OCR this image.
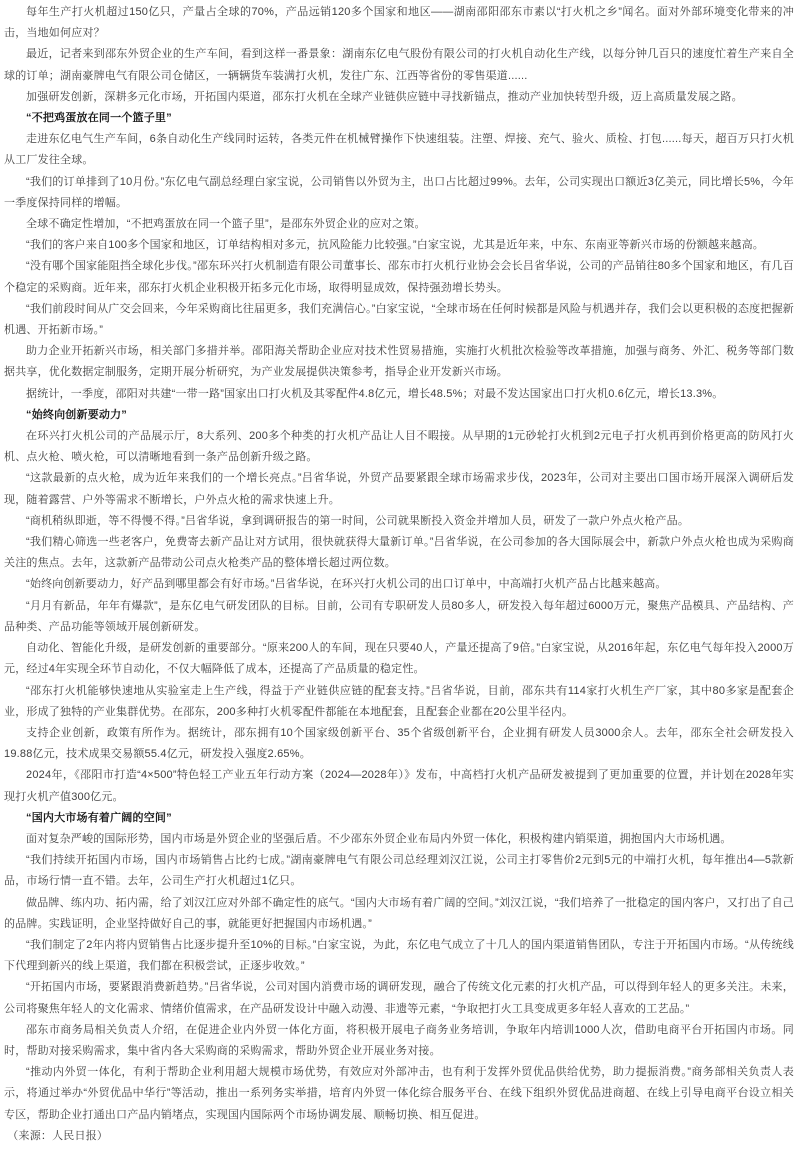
每年生产打火机超过150亿只，产量占全球的70%，产品远销120多个国家和地区——湖南邵阳邵东市素以“打火机之乡”闻名。面对外部环境变化带来的冲击，当地如何应对？

最近，记者来到邵东外贸企业的生产车间，看到这样一番景象：湖南东亿电气股份有限公司的打火机自动化生产线，以每分钟几百只的速度忙着生产来自全球的订单；湖南豪牌电气有限公司仓储区，一辆辆货车装满打火机，发往广东、江西等省份的零售渠道......

加强研发创新，深耕多元化市场，开拓国内渠道，邵东打火机在全球产业链供应链中寻找新锚点，推动产业加快转型升级，迈上高质量发展之路。

“不把鸡蛋放在同一个篮子里”

走进东亿电气生产车间，6条自动化生产线同时运转，各类元件在机械臂操作下快速组装。注塑、焊接、充气、验火、质检、打包......每天，超百万只打火机从工厂发往全球。

“我们的订单排到了10月份。”东亿电气副总经理白家宝说，公司销售以外贸为主，出口占比超过99%。去年，公司实现出口额近3亿美元，同比增长5%，今年一季度保持同样的增幅。

全球不确定性增加，“不把鸡蛋放在同一个篮子里”，是邵东外贸企业的应对之策。

“我们的客户来自100多个国家和地区，订单结构相对多元，抗风险能力比较强。”白家宝说，尤其是近年来，中东、东南亚等新兴市场的份额越来越高。

“没有哪个国家能阻挡全球化步伐。”邵东环兴打火机制造有限公司董事长、邵东市打火机行业协会会长吕省华说，公司的产品销往80多个国家和地区，有几百个稳定的采购商。近年来，邵东打火机企业积极开拓多元化市场，取得明显成效，保持强劲增长势头。

“我们前段时间从广交会回来，今年采购商比往届更多，我们充满信心。”白家宝说，“全球市场在任何时候都是风险与机遇并存，我们会以更积极的态度把握新机遇、开拓新市场。”

助力企业开拓新兴市场，相关部门多措并举。邵阳海关帮助企业应对技术性贸易措施，实施打火机批次检验等改革措施，加强与商务、外汇、税务等部门数据共享，优化数据定制服务，定期开展分析研究，为产业发展提供决策参考，指导企业开发新兴市场。

据统计，一季度，邵阳对共建“一带一路”国家出口打火机及其零配件4.8亿元，增长48.5%；对最不发达国家出口打火机0.6亿元，增长13.3%。

“始终向创新要动力”

在环兴打火机公司的产品展示厅，8大系列、200多个种类的打火机产品让人目不暇接。从早期的1元砂轮打火机到2元电子打火机再到价格更高的防风打火机、点火枪、喷火枪，可以清晰地看到一条产品创新升级之路。

“这款最新的点火枪，成为近年来我们的一个增长亮点。”吕省华说，外贸产品要紧跟全球市场需求步伐，2023年，公司对主要出口国市场开展深入调研后发现，随着露营、户外等需求不断增长，户外点火枪的需求快速上升。

“商机稍纵即逝，等不得慢不得。”吕省华说，拿到调研报告的第一时间，公司就果断投入资金并增加人员，研发了一款户外点火枪产品。

“我们精心筛选一些老客户，免费寄去新产品让对方试用，很快就获得大量新订单。”吕省华说，在公司参加的各大国际展会中，新款户外点火枪也成为采购商关注的焦点。去年，这款新产品带动公司点火枪类产品的整体增长超过两位数。

“始终向创新要动力，好产品到哪里都会有好市场。”吕省华说，在环兴打火机公司的出口订单中，中高端打火机产品占比越来越高。

“月月有新品，年年有爆款”，是东亿电气研发团队的目标。目前，公司有专职研发人员80多人，研发投入每年超过6000万元，聚焦产品模具、产品结构、产品种类、产品功能等领域开展创新研发。

自动化、智能化升级，是研发创新的重要部分。“原来200人的车间，现在只要40人，产量还提高了9倍。”白家宝说，从2016年起，东亿电气每年投入2000万元，经过4年实现全环节自动化，不仅大幅降低了成本，还提高了产品质量的稳定性。

“邵东打火机能够快速地从实验室走上生产线，得益于产业链供应链的配套支持。”吕省华说，目前，邵东共有114家打火机生产厂家，其中80多家是配套企业，形成了独特的产业集群优势。在邵东，200多种打火机零配件都能在本地配套，且配套企业都在20公里半径内。

支持企业创新，政策有所作为。据统计，邵东拥有10个国家级创新平台、35个省级创新平台，企业拥有研发人员3000余人。去年，邵东全社会研发投入19.88亿元，技术成果交易额55.4亿元，研发投入强度2.65%。

2024年，《邵阳市打造“4×500”特色轻工产业五年行动方案（2024—2028年）》发布，中高档打火机产品研发被提到了更加重要的位置，并计划在2028年实现打火机产值300亿元。

“国内大市场有着广阔的空间”

面对复杂严峻的国际形势，国内市场是外贸企业的坚强后盾。不少邵东外贸企业布局内外贸一体化，积极构建内销渠道，拥抱国内大市场机遇。

“我们持续开拓国内市场，国内市场销售占比约七成。”湖南豪牌电气有限公司总经理刘汉江说，公司主打零售价2元到5元的中端打火机，每年推出4—5款新品，市场行情一直不错。去年，公司生产打火机超过1亿只。

做品牌、练内功、拓内需，给了刘汉江应对外部不确定性的底气。“国内大市场有着广阔的空间。”刘汉江说，“我们培养了一批稳定的国内客户，又打出了自己的品牌。实践证明，企业坚持做好自己的事，就能更好把握国内市场机遇。”

“我们制定了2年内将内贸销售占比逐步提升至10%的目标。”白家宝说，为此，东亿电气成立了十几人的国内渠道销售团队，专注于开拓国内市场。“从传统线下代理到新兴的线上渠道，我们都在积极尝试，正逐步收效。”

“开拓国内市场，要紧跟消费新趋势。”吕省华说，公司对国内消费市场的调研发现，融合了传统文化元素的打火机产品，可以得到年轻人的更多关注。未来，公司将聚焦年轻人的文化需求、情绪价值需求，在产品研发设计中融入动漫、非遗等元素，“争取把打火工具变成更多年轻人喜欢的工艺品。”

邵东市商务局相关负责人介绍，在促进企业内外贸一体化方面，将积极开展电子商务业务培训，争取年内培训1000人次，借助电商平台开拓国内市场。同时，帮助对接采购需求，集中省内各大采购商的采购需求，帮助外贸企业开展业务对接。

“推动内外贸一体化，有利于帮助企业利用超大规模市场优势，有效应对外部冲击，也有利于发挥外贸优品供给优势，助力提振消费。”商务部相关负责人表示，将通过举办“外贸优品中华行”等活动，推出一系列务实举措，培育内外贸一体化综合服务平台、在线下组织外贸优品进商超、在线上引导电商平台设立相关专区，帮助企业打通出口产品内销堵点，实现国内国际两个市场协调发展、顺畅切换、相互促进。

（来源：人民日报）
